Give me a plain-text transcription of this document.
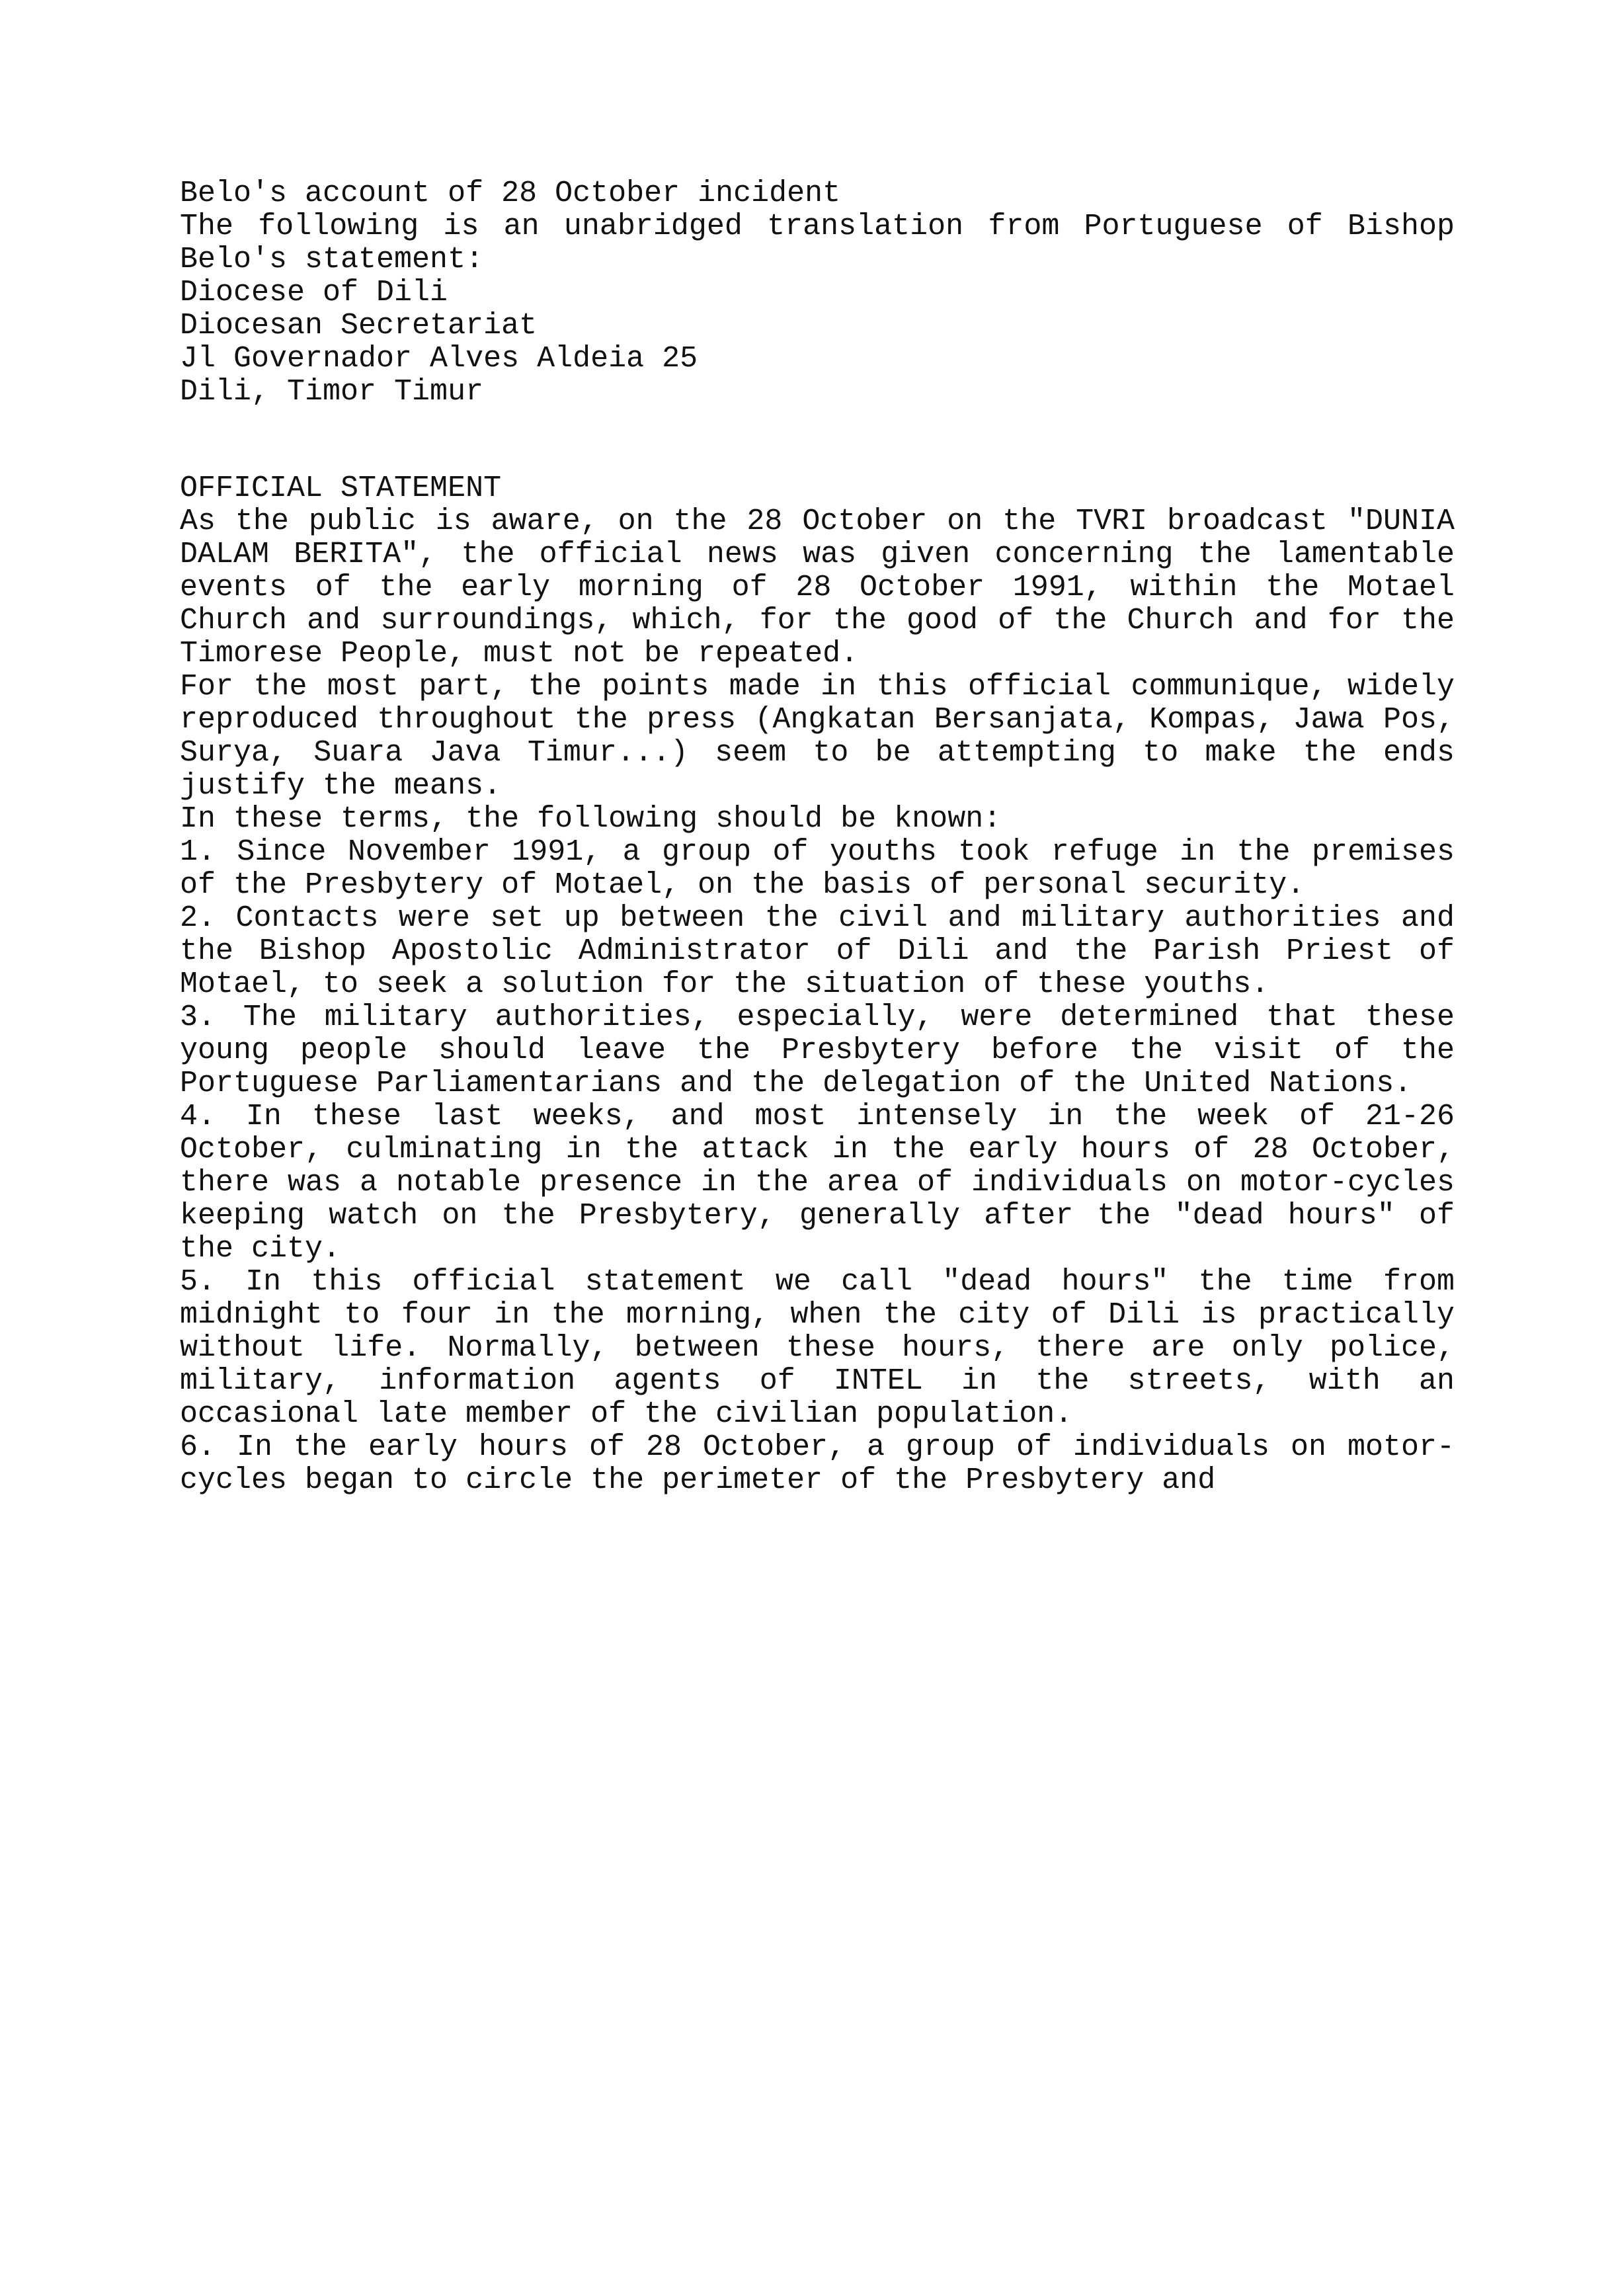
Belo's account of 28 October incident

The following is an unabridged translation from Portuguese of Bishop Belo's statement:

Diocese of Dili
Diocesan Secretariat
Jl Governador Alves Aldeia 25
Dili, Timor Timur

OFFICIAL STATEMENT

As the public is aware, on the 28 October on the TVRI broadcast "DUNIA DALAM BERITA", the official news was given concerning the lamentable events of the early morning of 28 October 1991, within the Motael Church and surroundings, which, for the good of the Church and for the Timorese People, must not be repeated.

For the most part, the points made in this official communique, widely reproduced throughout the press (Angkatan Bersanjata, Kompas, Jawa Pos, Surya, Suara Java Timur...) seem to be attempting to make the ends justify the means.

In these terms, the following should be known:

1. Since November 1991, a group of youths took refuge in the premises of the Presbytery of Motael, on the basis of personal security.

2. Contacts were set up between the civil and military authorities and the Bishop Apostolic Administrator of Dili and the Parish Priest of Motael, to seek a solution for the situation of these youths.

3. The military authorities, especially, were determined that these young people should leave the Presbytery before the visit of the Portuguese Parliamentarians and the delegation of the United Nations.

4. In these last weeks, and most intensely in the week of 21-26 October, culminating in the attack in the early hours of 28 October, there was a notable presence in the area of individuals on motor-cycles keeping watch on the Presbytery, generally after the "dead hours" of the city.

5. In this official statement we call "dead hours" the time from midnight to four in the morning, when the city of Dili is practically without life. Normally, between these hours, there are only police, military, information agents of INTEL in the streets, with an occasional late member of the civilian population.

6. In the early hours of 28 October, a group of individuals on motor-cycles began to circle the perimeter of the Presbytery and
